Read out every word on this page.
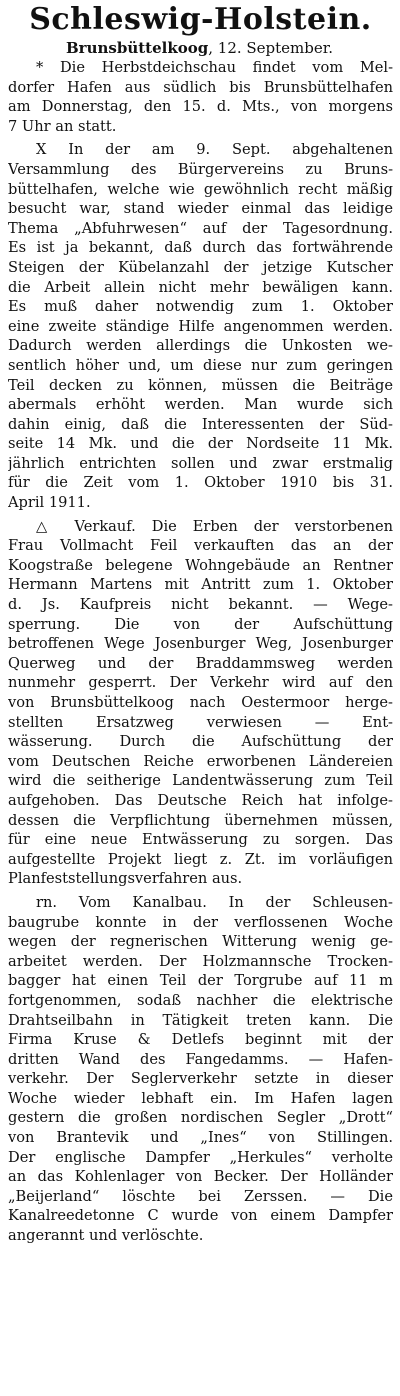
Schleswig-Holstein.
Brunsbüttelkoog, 12. September.
* Die Herbstdeichschau findet vom Mel-
dorfer Hafen aus südlich bis Brunsbüttelhafen
am Donnerstag, den 15. d. Mts., von morgens
7 Uhr an statt.
X In der am 9. Sept. abgehaltenen
Versammlung des Bürgervereins zu Bruns-
büttelhafen, welche wie gewöhnlich recht mäßig
besucht war, stand wieder einmal das leidige
Thema „Abfuhrwesen“ auf der Tagesordnung.
Es ist ja bekannt, daß durch das fortwährende
Steigen der Kübelanzahl der jetzige Kutscher
die Arbeit allein nicht mehr bewäligen kann.
Es muß daher notwendig zum 1. Oktober
eine zweite ständige Hilfe angenommen werden.
Dadurch werden allerdings die Unkosten we-
sentlich höher und, um diese nur zum geringen
Teil decken zu können, müssen die Beiträge
abermals erhöht werden. Man wurde sich
dahin einig, daß die Interessenten der Süd-
seite 14 Mk. und die der Nordseite 11 Mk.
jährlich entrichten sollen und zwar erstmalig
für die Zeit vom 1. Oktober 1910 bis 31.
April 1911.
△ Verkauf. Die Erben der verstorbenen
Frau Vollmacht Feil verkauften das an der
Koogstraße belegene Wohngebäude an Rentner
Hermann Martens mit Antritt zum 1. Oktober
d. Js. Kaufpreis nicht bekannt. — Wege-
sperrung. Die von der Aufschüttung
betroffenen Wege Josenburger Weg, Josenburger
Querweg und der Braddammsweg werden
nunmehr gesperrt. Der Verkehr wird auf den
von Brunsbüttelkoog nach Oestermoor herge-
stellten Ersatzweg verwiesen — Ent-
wässerung. Durch die Aufschüttung der
vom Deutschen Reiche erworbenen Ländereien
wird die seitherige Landentwässerung zum Teil
aufgehoben. Das Deutsche Reich hat infolge-
dessen die Verpflichtung übernehmen müssen,
für eine neue Entwässerung zu sorgen. Das
aufgestellte Projekt liegt z. Zt. im vorläufigen
Planfeststellungsverfahren aus.
rn. Vom Kanalbau. In der Schleusen-
baugrube konnte in der verflossenen Woche
wegen der regnerischen Witterung wenig ge-
arbeitet werden. Der Holzmannsche Trocken-
bagger hat einen Teil der Torgrube auf 11 m
fortgenommen, sodaß nachher die elektrische
Drahtseilbahn in Tätigkeit treten kann. Die
Firma Kruse & Detlefs beginnt mit der
dritten Wand des Fangedamms. — Hafen-
verkehr. Der Seglerverkehr setzte in dieser
Woche wieder lebhaft ein. Im Hafen lagen
gestern die großen nordischen Segler „Drott“
von Brantevik und „Ines“ von Stillingen.
Der englische Dampfer „Herkules“ verholte
an das Kohlenlager von Becker. Der Holländer
„Beijerland“ löschte bei Zerssen. — Die
Kanalreedetonne C wurde von einem Dampfer
angerannt und verlöschte.
